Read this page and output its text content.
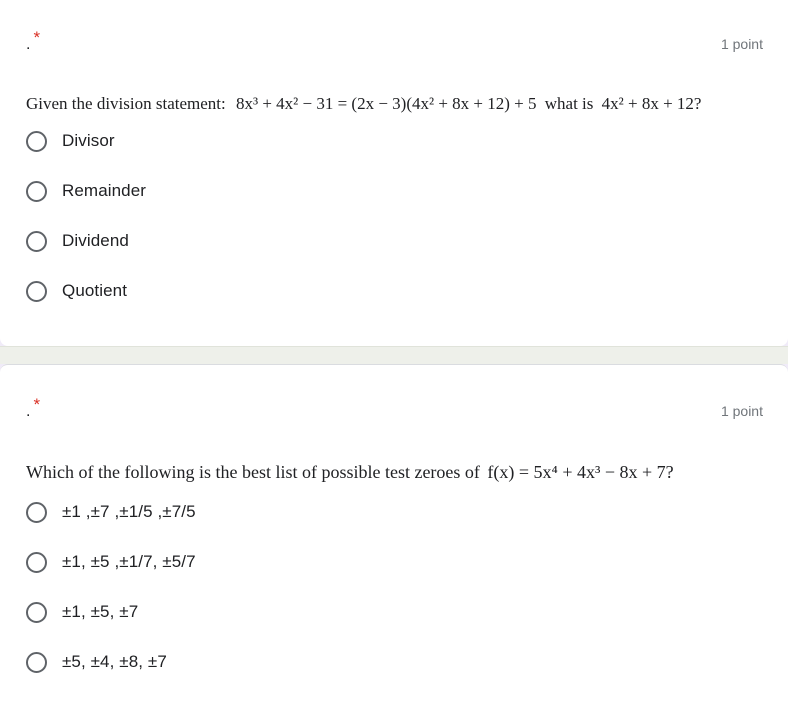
. *	1 point
Given the division statement: 8x³ + 4x² − 31 = (2x − 3)(4x² + 8x + 12) + 5 what is 4x² + 8x + 12?
Divisor
Remainder
Dividend
Quotient
. *	1 point
Which of the following is the best list of possible test zeroes of f(x) = 5x⁴ + 4x³ − 8x + 7?
±1 ,±7 ,±1/5 ,±7/5
±1, ±5 ,±1/7, ±5/7
±1, ±5, ±7
±5, ±4, ±8, ±7
